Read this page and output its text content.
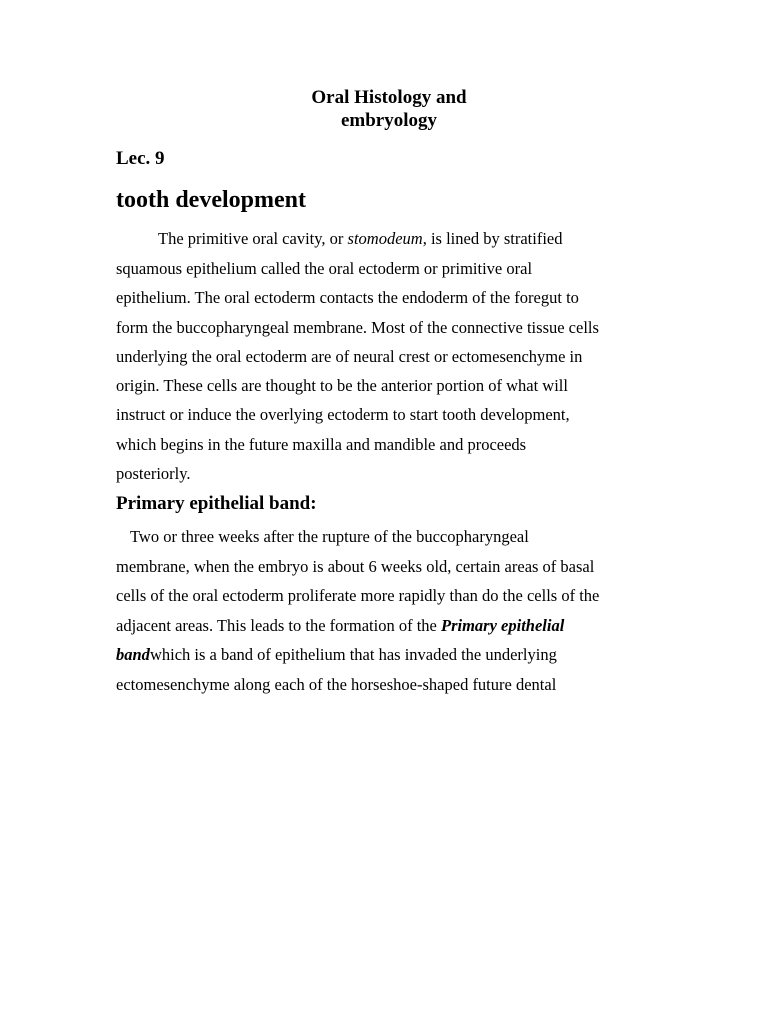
Oral Histology and

embryology

Lec. 9

tooth development

The primitive oral cavity, or stomodeum, is lined by stratified

squamous epithelium called the oral ectoderm or primitive oral

epithelium. The oral ectoderm contacts the endoderm of the foregut to

form the buccopharyngeal membrane. Most of the connective tissue cells

underlying the oral ectoderm are of neural crest or ectomesenchyme in

origin. These cells are thought to be the anterior portion of what will

instruct or induce the overlying ectoderm to start tooth development,

which begins in the future maxilla and mandible and proceeds

posteriorly.

Primary epithelial band:

Two or three weeks after the rupture of the buccopharyngeal

membrane, when the embryo is about 6 weeks old, certain areas of basal

cells of the oral ectoderm proliferate more rapidly than do the cells of the

adjacent areas. This leads to the formation of the Primary epithelial

bandwhich is a band of epithelium that has invaded the underlying

ectomesenchyme along each of the horseshoe-shaped future dental
